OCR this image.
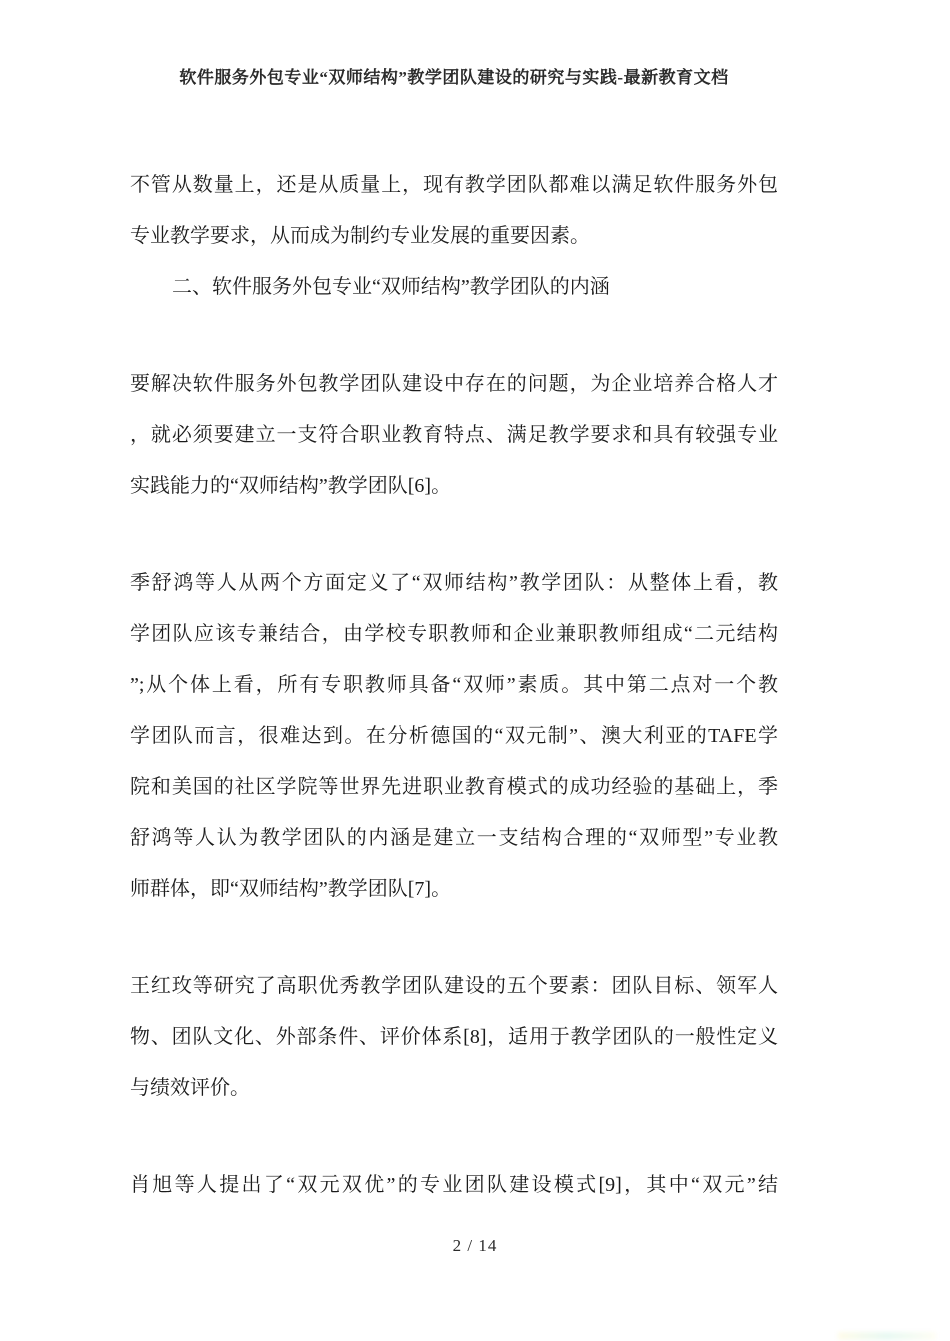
软件服务外包专业“双师结构”教学团队建设的研究与实践-最新教育文档

不管从数量上，还是从质量上，现有教学团队都难以满足软件服务外包
专业教学要求，从而成为制约专业发展的重要因素。

二、软件服务外包专业“双师结构”教学团队的内涵

要解决软件服务外包教学团队建设中存在的问题，为企业培养合格人才
，就必须要建立一支符合职业教育特点、满足教学要求和具有较强专业
实践能力的“双师结构”教学团队[6]。

季舒鸿等人从两个方面定义了“双师结构”教学团队：从整体上看，教
学团队应该专兼结合，由学校专职教师和企业兼职教师组成“二元结构
”;从个体上看，所有专职教师具备“双师”素质。其中第二点对一个教
学团队而言，很难达到。在分析德国的“双元制”、澳大利亚的TAFE学
院和美国的社区学院等世界先进职业教育模式的成功经验的基础上，季
舒鸿等人认为教学团队的内涵是建立一支结构合理的“双师型”专业教
师群体，即“双师结构”教学团队[7]。

王红玫等研究了高职优秀教学团队建设的五个要素：团队目标、领军人
物、团队文化、外部条件、评价体系[8]，适用于教学团队的一般性定义
与绩效评价。

肖旭等人提出了“双元双优”的专业团队建设模式[9]，其中“双元”结

2 / 14
